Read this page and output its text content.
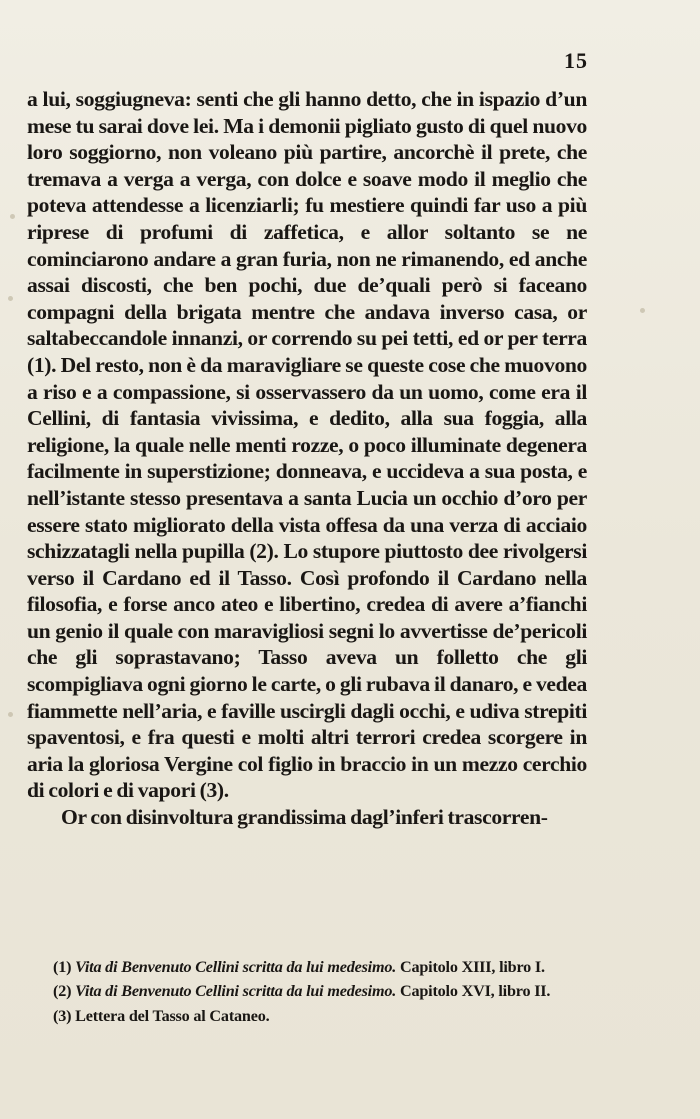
15

a lui, soggiugneva: senti che gli hanno detto, che in ispazio d’un mese tu sarai dove lei. Ma i demonii pigliato gusto di quel nuovo loro soggiorno, non voleano più partire, ancorchè il prete, che tremava a verga a verga, con dolce e soave modo il meglio che poteva attendesse a licenziarli; fu mestiere quindi far uso a più riprese di profumi di zaffetica, e allor soltanto se ne cominciarono andare a gran furia, non ne rimanendo, ed anche assai discosti, che ben pochi, due de’quali però si faceano compagni della brigata mentre che andava inverso casa, or saltabeccandole innanzi, or correndo su pei tetti, ed or per terra (1). Del resto, non è da maravigliare se queste cose che muovono a riso e a compassione, si osservassero da un uomo, come era il Cellini, di fantasia vivissima, e dedito, alla sua foggia, alla religione, la quale nelle menti rozze, o poco illuminate degenera facilmente in superstizione; donneava, e uccideva a sua posta, e nell’istante stesso presentava a santa Lucia un occhio d’oro per essere stato migliorato della vista offesa da una verza di acciaio schizzatagli nella pupilla (2). Lo stupore piuttosto dee rivolgersi verso il Cardano ed il Tasso. Così profondo il Cardano nella filosofia, e forse anco ateo e libertino, credea di avere a’fianchi un genio il quale con maravigliosi segni lo avvertisse de’pericoli che gli soprastavano; Tasso aveva un folletto che gli scompigliava ogni giorno le carte, o gli rubava il danaro, e vedea fiammette nell’aria, e faville uscirgli dagli occhi, e udiva strepiti spaventosi, e fra questi e molti altri terrori credea scorgere in aria la gloriosa Vergine col figlio in braccio in un mezzo cerchio di colori e di vapori (3).

Or con disinvoltura grandissima dagl’inferi trascorren-

(1) Vita di Benvenuto Cellini scritta da lui medesimo. Capitolo XIII, libro I.

(2) Vita di Benvenuto Cellini scritta da lui medesimo. Capitolo XVI, libro II.

(3) Lettera del Tasso al Cataneo.
